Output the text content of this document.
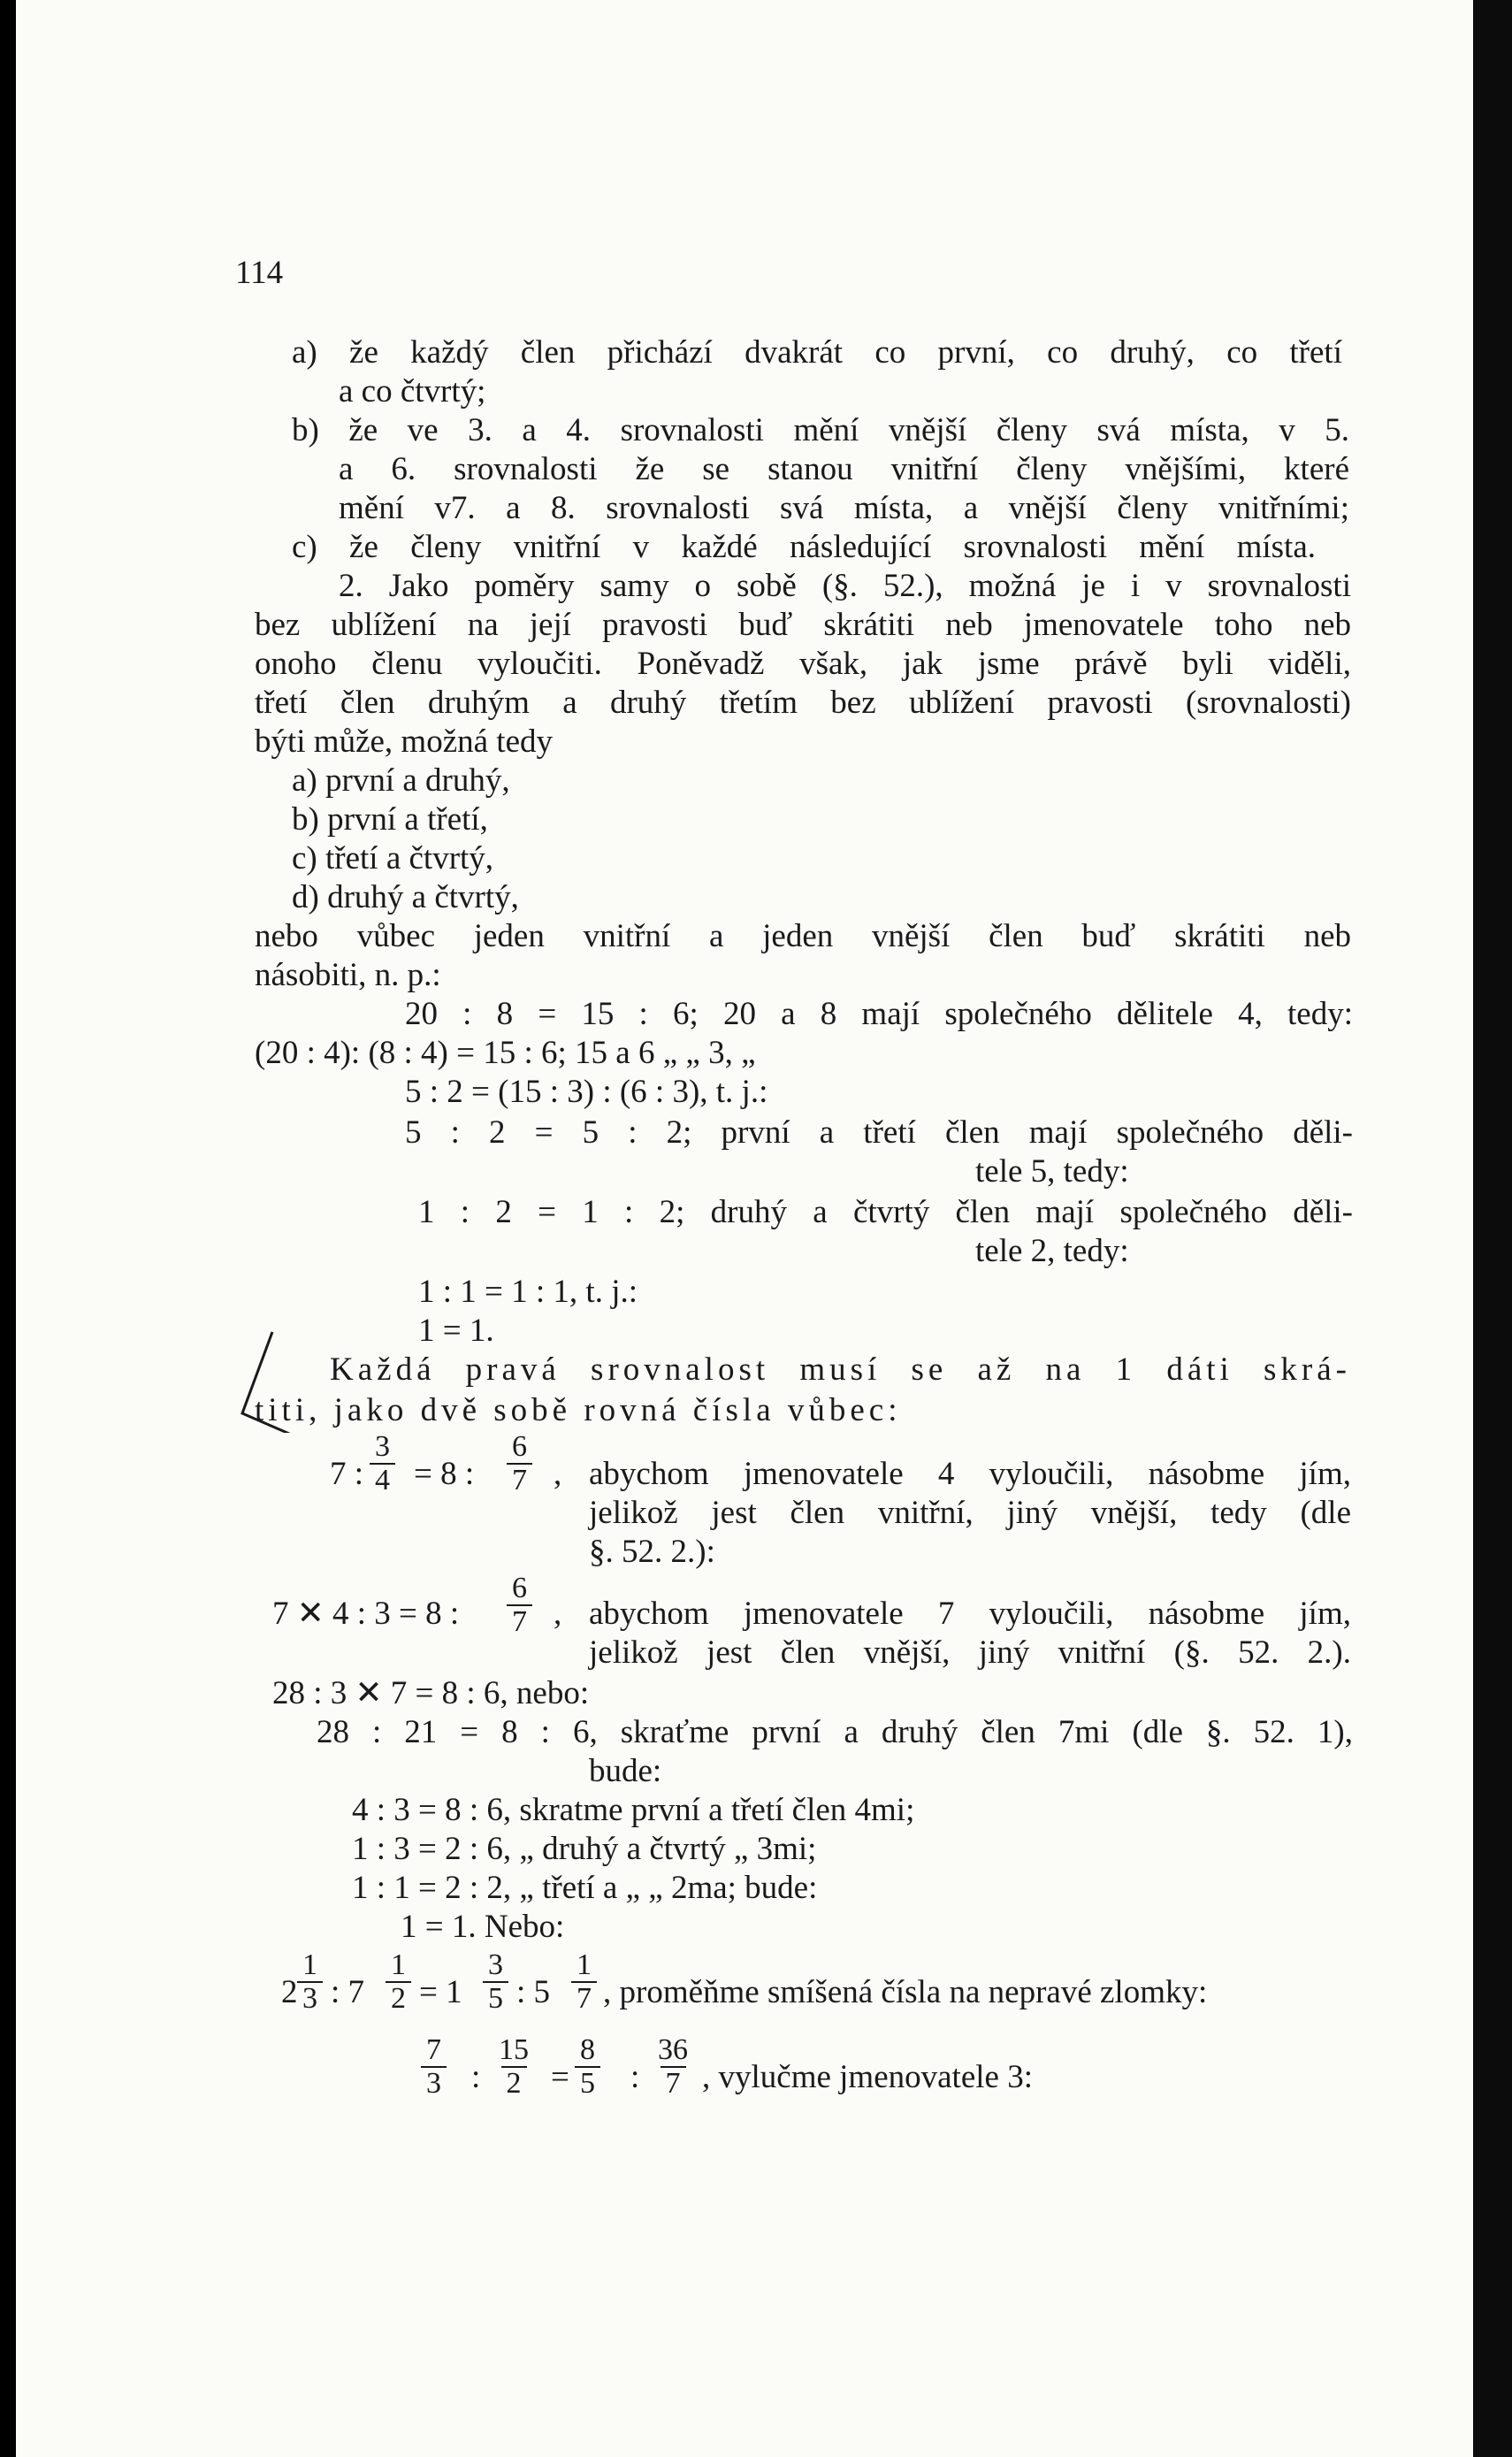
114
a) že každý člen přichází dvakrát co první, co druhý, co třetí
a co čtvrtý;
b) že ve 3. a 4. srovnalosti mění vnější členy svá místa, v 5.
a 6. srovnalosti že se stanou vnitřní členy vnějšími, které
mění v7. a 8. srovnalosti svá místa, a vnější členy vnitřními;
c) že členy vnitřní v každé následující srovnalosti mění místa.
2. Jako poměry samy o sobě (§. 52.), možná je i v srovnalosti
bez ublížení na její pravosti buď skrátiti neb jmenovatele toho neb
onoho členu vyloučiti. Poněvadž však, jak jsme právě byli viděli,
třetí člen druhým a druhý třetím bez ublížení pravosti (srovnalosti)
býti může, možná tedy
a) první a druhý,
b) první a třetí,
c) třetí a čtvrtý,
d) druhý a čtvrtý,
nebo vůbec jeden vnitřní a jeden vnější člen buď skrátiti neb
násobiti, n. p.:
20 : 8 = 15 : 6; 20 a 8 mají společného dělitele 4, tedy:
(20 : 4): (8 : 4) = 15 : 6; 15 a 6 „ „ 3, „
5 : 2 = (15 : 3) : (6 : 3), t. j.:
5 : 2 = 5 : 2; první a třetí člen mají společného děli-
tele 5, tedy:
1 : 2 = 1 : 2; druhý a čtvrtý člen mají společného děli-
tele 2, tedy:
1 : 1 = 1 : 1, t. j.:
1 = 1.
Každá pravá srovnalost musí se až na 1 dáti skrá-
titi, jako dvě sobě rovná čísla vůbec:
7 : $\frac{3}{4} = 8$ : $\frac{6}{7}$ , abychom jmenovatele 4 vyloučili, násobme jím,
jelikož jest člen vnitřní, jiný vnější, tedy (dle
§. 52. 2.):
7 ✕ 4 : 3 = 8 : $\frac{6}{7}$ , abychom jmenovatele 7 vyloučili, násobme jím,
jelikož jest člen vnější, jiný vnitřní (§. 52. 2.).
28 : 3 ✕ 7 = 8 : 6, nebo:
28 : 21 = 8 : 6, skraťme první a druhý člen 7mi (dle §. 52. 1),
bude:
4 : 3 = 8 : 6, skratme první a třetí člen 4mi;
1 : 3 = 2 : 6, „ druhý a čtvrtý „ 3mi;
1 : 1 = 2 : 2, „ třetí a „ „ 2ma; bude:
1 = 1. Nebo:
$2 \frac{1}{3}$ : $7 \frac{1}{2} = 1 \frac{3}{5}$ : $5 \frac{1}{7}$ , proměňme smíšená čísla na nepravé zlomky:
$\frac{7}{3}$ : $\frac{15}{2} = \frac{8}{5}$ : $\frac{36}{7}$ , vylučme jmenovatele 3:
